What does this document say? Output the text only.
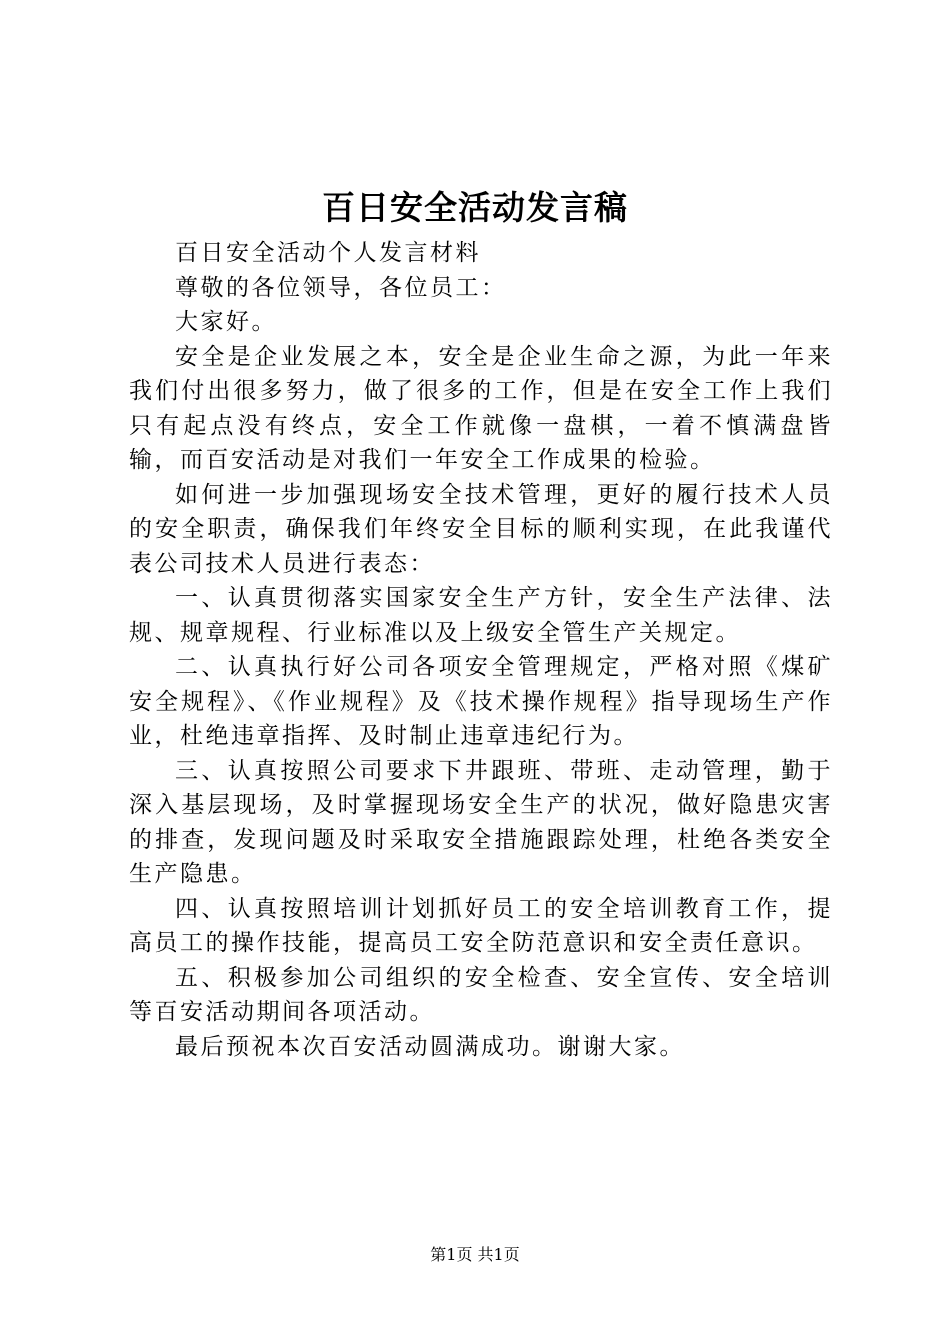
百日安全活动发言稿

百日安全活动个人发言材料

尊敬的各位领导，各位员工：

大家好。

安全是企业发展之本，安全是企业生命之源，为此一年来我们付出很多努力，做了很多的工作，但是在安全工作上我们只有起点没有终点，安全工作就像一盘棋，一着不慎满盘皆输，而百安活动是对我们一年安全工作成果的检验。

如何进一步加强现场安全技术管理，更好的履行技术人员的安全职责，确保我们年终安全目标的顺利实现，在此我谨代表公司技术人员进行表态：

一、认真贯彻落实国家安全生产方针，安全生产法律、法规、规章规程、行业标准以及上级安全管生产关规定。

二、认真执行好公司各项安全管理规定，严格对照《煤矿安全规程》、《作业规程》及《技术操作规程》指导现场生产作业，杜绝违章指挥、及时制止违章违纪行为。

三、认真按照公司要求下井跟班、带班、走动管理，勤于深入基层现场，及时掌握现场安全生产的状况，做好隐患灾害的排查，发现问题及时采取安全措施跟踪处理，杜绝各类安全生产隐患。

四、认真按照培训计划抓好员工的安全培训教育工作，提高员工的操作技能，提高员工安全防范意识和安全责任意识。

五、积极参加公司组织的安全检查、安全宣传、安全培训等百安活动期间各项活动。

最后预祝本次百安活动圆满成功。谢谢大家。

第1页 共1页
